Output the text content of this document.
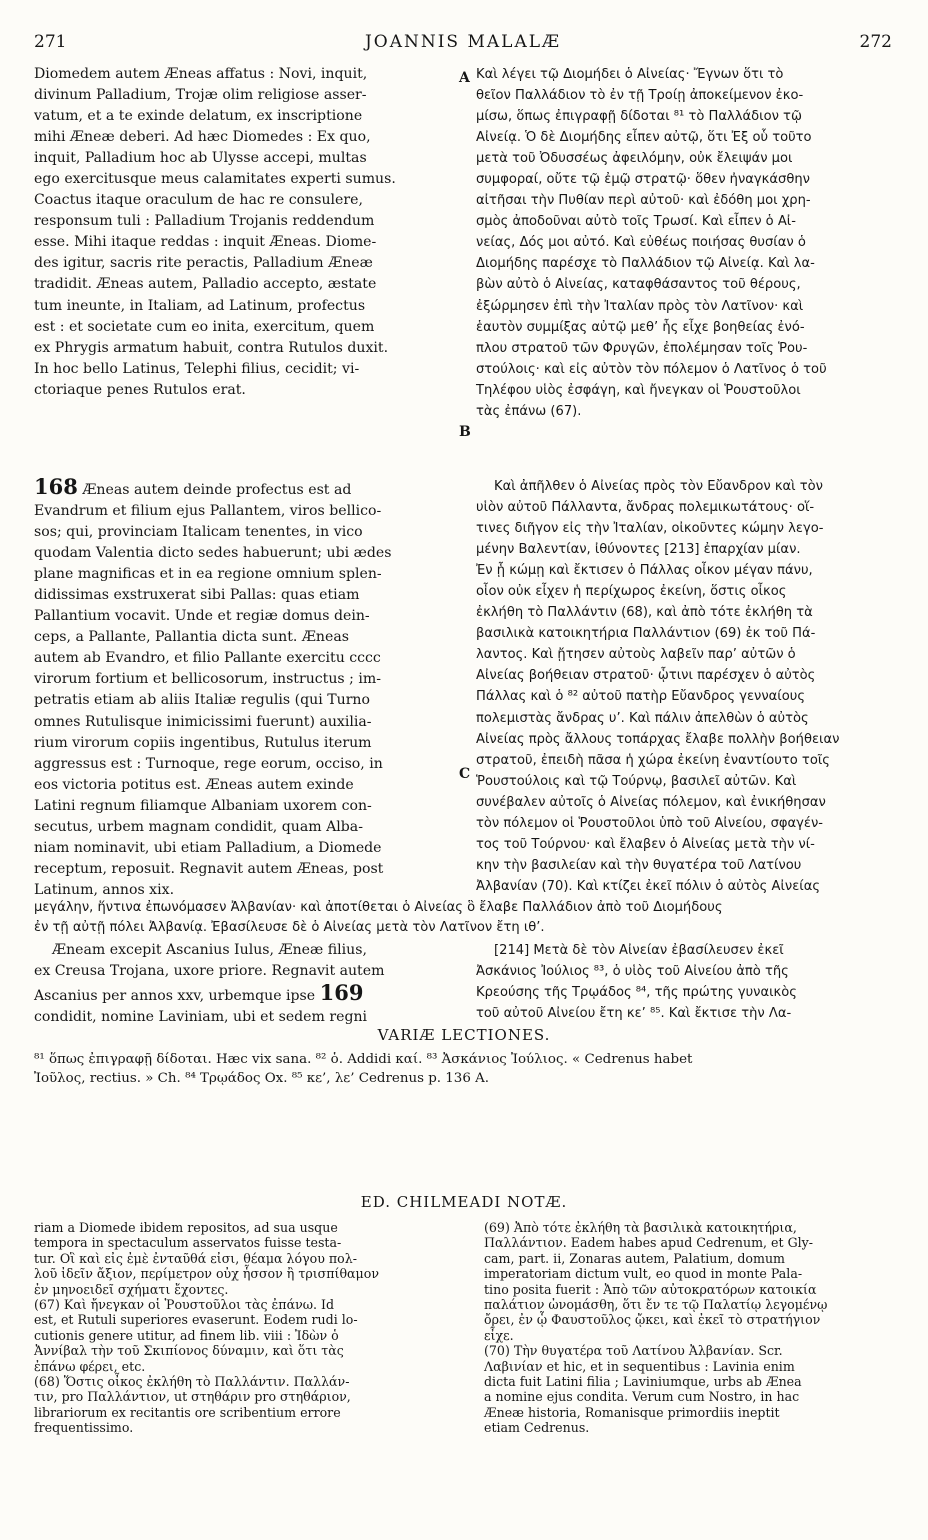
271	JOANNIS MALALÆ	272

Diomedem autem Æneas affatus : Novi, inquit,

divinum Palladium, Trojæ olim religiose asser-

vatum, et a te exinde delatum, ex inscriptione

mihi Æneæ deberi. Ad hæc Diomedes : Ex quo,

inquit, Palladium hoc ab Ulysse accepi, multas

ego exercitusque meus calamitates experti sumus.

Coactus itaque oraculum de hac re consulere,

responsum tuli : Palladium Trojanis reddendum

esse. Mihi itaque reddas : inquit Æneas. Diome-

des igitur, sacris rite peractis, Palladium Æneæ

tradidit. Æneas autem, Palladio accepto, æstate

tum ineunte, in Italiam, ad Latinum, profectus

est : et societate cum eo inita, exercitum, quem

ex Phrygis armatum habuit, contra Rutulos duxit.

In hoc bello Latinus, Telephi filius, cecidit; vi-

ctoriaque penes Rutulos erat.

168 Æneas autem deinde profectus est ad

Evandrum et filium ejus Pallantem, viros bellico-

sos; qui, provinciam Italicam tenentes, in vico

quodam Valentia dicto sedes habuerunt; ubi ædes

plane magnificas et in ea regione omnium splen-

didissimas exstruxerat sibi Pallas: quas etiam

Pallantium vocavit. Unde et regiæ domus dein-

ceps, a Pallante, Pallantia dicta sunt. Æneas

autem ab Evandro, et filio Pallante exercitu cccc

virorum fortium et bellicosorum, instructus ; im-

petratis etiam ab aliis Italiæ regulis (qui Turno

omnes Rutulisque inimicissimi fuerunt) auxilia-

rium virorum copiis ingentibus, Rutulus iterum

aggressus est : Turnoque, rege eorum, occiso, in

eos victoria potitus est. Æneas autem exinde

Latini regnum filiamque Albaniam uxorem con-

secutus, urbem magnam condidit, quam Alba-

niam nominavit, ubi etiam Palladium, a Diomede

receptum, reposuit. Regnavit autem Æneas, post

Latinum, annos xix.

Καὶ λέγει τῷ Διομήδει ὁ Αἰνείας· Ἔγνων ὅτι τὸ

θεῖον Παλλάδιον τὸ ἐν τῇ Τροίῃ ἀποκείμενον ἐκο-

μίσω, ὅπως ἐπιγραφῇ δίδοται ⁸¹ τὸ Παλλάδιον τῷ

Αἰνείᾳ. Ὁ δὲ Διομήδης εἶπεν αὐτῷ, ὅτι Ἐξ οὗ τοῦτο

μετὰ τοῦ Ὀδυσσέως ἀφειλόμην, οὐκ ἔλειψάν μοι

συμφοραί, οὔτε τῷ ἐμῷ στρατῷ· ὅθεν ἠναγκάσθην

αἰτῆσαι τὴν Πυθίαν περὶ αὐτοῦ· καὶ ἐδόθη μοι χρη-

σμὸς ἀποδοῦναι αὐτὸ τοῖς Τρωσί. Καὶ εἶπεν ὁ Αἰ-

νείας, Δός μοι αὐτό. Καὶ εὐθέως ποιήσας θυσίαν ὁ

Διομήδης παρέσχε τὸ Παλλάδιον τῷ Αἰνείᾳ. Καὶ λα-

βὼν αὐτὸ ὁ Αἰνείας, καταφθάσαντος τοῦ θέρους,

ἐξώρμησεν ἐπὶ τὴν Ἰταλίαν πρὸς τὸν Λατῖνον· καὶ

ἑαυτὸν συμμίξας αὐτῷ μεθ’ ἧς εἶχε βοηθείας ἐνό-

πλου στρατοῦ τῶν Φρυγῶν, ἐπολέμησαν τοῖς Ῥου-

στούλοις· καὶ εἰς αὐτὸν τὸν πόλεμον ὁ Λατῖνος ὁ τοῦ

Τηλέφου υἱὸς ἐσφάγη, καὶ ἤνεγκαν οἱ Ῥουστοῦλοι

τὰς ἐπάνω (67).

Καὶ ἀπῆλθεν ὁ Αἰνείας πρὸς τὸν Εὔανδρον καὶ τὸν

υἱὸν αὐτοῦ Πάλλαντα, ἄνδρας πολεμικωτάτους· οἵ-

τινες διῆγον εἰς τὴν Ἰταλίαν, οἰκοῦντες κώμην λεγο-

μένην Βαλεντίαν, ἰθύνοντες [213] ἐπαρχίαν μίαν.

Ἐν ᾗ κώμῃ καὶ ἔκτισεν ὁ Πάλλας οἶκον μέγαν πάνυ,

οἷον οὐκ εἶχεν ἡ περίχωρος ἐκείνη, ὅστις οἶκος

ἐκλήθη τὸ Παλλάντιν (68), καὶ ἀπὸ τότε ἐκλήθη τὰ

βασιλικὰ κατοικητήρια Παλλάντιον (69) ἐκ τοῦ Πά-

λαντος. Καὶ ᾔτησεν αὐτοὺς λαβεῖν παρ’ αὐτῶν ὁ

Αἰνείας βοήθειαν στρατοῦ· ᾧτινι παρέσχεν ὁ αὐτὸς

Πάλλας καὶ ὁ ⁸² αὐτοῦ πατὴρ Εὔανδρος γενναίους

πολεμιστὰς ἄνδρας υ’. Καὶ πάλιν ἀπελθὼν ὁ αὐτὸς

Αἰνείας πρὸς ἄλλους τοπάρχας ἔλαβε πολλὴν βοήθειαν

στρατοῦ, ἐπειδὴ πᾶσα ἡ χώρα ἐκείνη ἐναντίουτο τοῖς

Ῥουστούλοις καὶ τῷ Τούρνῳ, βασιλεῖ αὐτῶν. Καὶ

συνέβαλεν αὐτοῖς ὁ Αἰνείας πόλεμον, καὶ ἐνικήθησαν

τὸν πόλεμον οἱ Ῥουστοῦλοι ὑπὸ τοῦ Αἰνείου, σφαγέν-

τος τοῦ Τούρνου· καὶ ἔλαβεν ὁ Αἰνείας μετὰ τὴν νί-

κην τὴν βασιλείαν καὶ τὴν θυγατέρα τοῦ Λατίνου

Ἀλβανίαν (70). Καὶ κτίζει ἐκεῖ πόλιν ὁ αὐτὸς Αἰνείας

μεγάλην, ἥντινα ἐπωνόμασεν Ἀλβανίαν· καὶ ἀποτίθεται ὁ Αἰνείας ὃ ἔλαβε Παλλάδιον ἀπὸ τοῦ Διομήδους
ἐν τῇ αὐτῇ πόλει Ἀλβανίᾳ. Ἐβασίλευσε δὲ ὁ Αἰνείας μετὰ τὸν Λατῖνον ἔτη ιθ’.

Æneam excepit Ascanius Iulus, Æneæ filius,

ex Creusa Trojana, uxore priore. Regnavit autem

Ascanius per annos xxv, urbemque ipse 169

condidit, nomine Laviniam, ubi et sedem regni

[214] Μετὰ δὲ τὸν Αἰνείαν ἐβασίλευσεν ἐκεῖ

Ἀσκάνιος Ἰούλιος ⁸³, ὁ υἱὸς τοῦ Αἰνείου ἀπὸ τῆς

Κρεούσης τῆς Τρῳάδος ⁸⁴, τῆς πρώτης γυναικὸς

τοῦ αὐτοῦ Αἰνείου ἔτη κε’ ⁸⁵. Καὶ ἔκτισε τὴν Λα-

A
B
C
VARIÆ LECTIONES.
⁸¹ ὅπως ἐπιγραφῇ δίδοται. Hæc vix sana. ⁸² ὁ. Addidi καί. ⁸³ Ἀσκάνιος Ἰούλιος. « Cedrenus habet
Ἰοῦλος, rectius. » Ch. ⁸⁴ Τρῳάδος Ox. ⁸⁵ κε’, λε’ Cedrenus p. 136 A.
ED. CHILMEADI NOTÆ.

riam a Diomede ibidem repositos, ad sua usque

tempora in spectaculum asservatos fuisse testa-

tur. Οἳ καὶ εἰς ἐμὲ ἐνταῦθά εἰσι, θέαμα λόγου πολ-

λοῦ ἰδεῖν ἄξιον, περίμετρον οὐχ ἧσσον ἢ τρισπίθαμον

ἐν μηνοειδεῖ σχήματι ἔχοντες.

(67) Καὶ ἤνεγκαν οἱ Ῥουστοῦλοι τὰς ἐπάνω. Id

est, et Rutuli superiores evaserunt. Eodem rudi lo-

cutionis genere utitur, ad finem lib. viii : Ἰδὼν ὁ

Ἀννίβαλ τὴν τοῦ Σκιπίονος δύναμιν, καὶ ὅτι τὰς

ἐπάνω φέρει, etc.

(68) Ὅστις οἶκος ἐκλήθη τὸ Παλλάντιν. Παλλάν-

τιν, pro Παλλάντιον, ut στηθάριν pro στηθάριον,

librariorum ex recitantis ore scribentium errore

frequentissimo.

(69) Ἀπὸ τότε ἐκλήθη τὰ βασιλικὰ κατοικητήρια,

Παλλάντιον. Eadem habes apud Cedrenum, et Gly-

cam, part. ii, Zonaras autem, Palatium, domum

imperatoriam dictum vult, eo quod in monte Pala-

tino posita fuerit : Ἀπὸ τῶν αὐτοκρατόρων κατοικία

παλάτιον ὠνομάσθη, ὅτι ἔν τε τῷ Παλατίῳ λεγομένῳ

ὄρει, ἐν ᾧ Φαυστοῦλος ᾤκει, καὶ ἐκεῖ τὸ στρατήγιον

εἶχε.

(70) Τὴν θυγατέρα τοῦ Λατίνου Ἀλβανίαν. Scr.

Λαβινίαν et hic, et in sequentibus : Lavinia enim

dicta fuit Latini filia ; Laviniumque, urbs ab Ænea

a nomine ejus condita. Verum cum Nostro, in hac

Æneæ historia, Romanisque primordiis ineptit

etiam Cedrenus.
